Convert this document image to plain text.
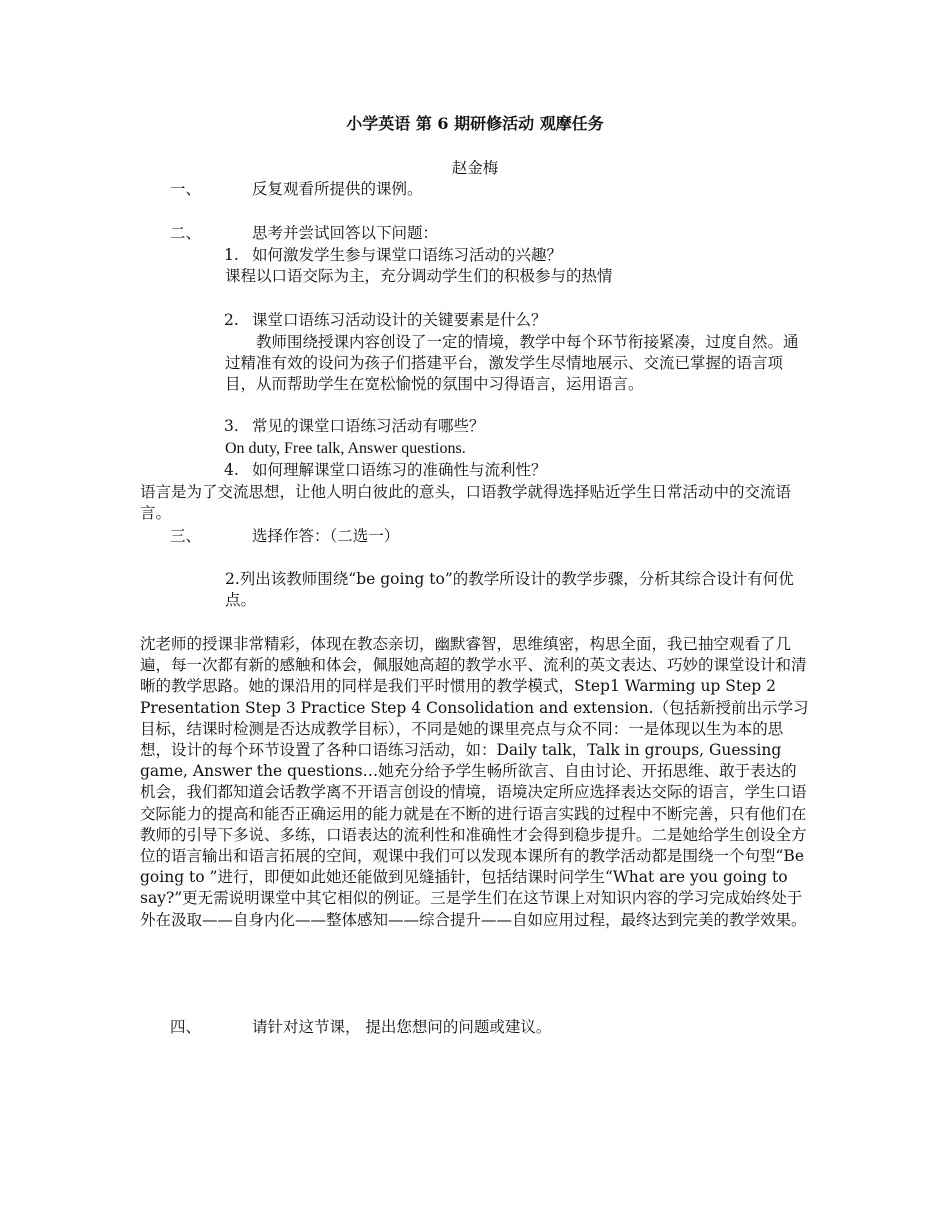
小学英语 第 6 期研修活动 观摩任务
赵金梅
一、	反复观看所提供的课例。
二、	思考并尝试回答以下问题：
1. 如何激发学生参与课堂口语练习活动的兴趣？
课程以口语交际为主，充分调动学生们的积极参与的热情
2. 课堂口语练习活动设计的关键要素是什么？
　　教师围绕授课内容创设了一定的情境，教学中每个环节衔接紧凑，过度自然。通过精准有效的设问为孩子们搭建平台，激发学生尽情地展示、交流已掌握的语言项目，从而帮助学生在宽松愉悦的氛围中习得语言，运用语言。
3. 常见的课堂口语练习活动有哪些？
On duty, Free talk, Answer questions.
4. 如何理解课堂口语练习的准确性与流利性？
语言是为了交流思想，让他人明白彼此的意头，口语教学就得选择贴近学生日常活动中的交流语言。
三、	选择作答：（二选一）
2.列出该教师围绕“be going to”的教学所设计的教学步骤，分析其综合设计有何优点。
沈老师的授课非常精彩，体现在教态亲切，幽默睿智，思维缜密，构思全面，我已抽空观看了几遍，每一次都有新的感触和体会，佩服她高超的教学水平、流利的英文表达、巧妙的课堂设计和清晰的教学思路。她的课沿用的同样是我们平时惯用的教学模式，Step1 Warming up Step 2 Presentation Step 3 Practice Step 4 Consolidation and extension.（包括新授前出示学习目标，结课时检测是否达成教学目标），不同是她的课里亮点与众不同：一是体现以生为本的思想，设计的每个环节设置了各种口语练习活动，如：Daily talk，Talk in groups, Guessing game, Answer the questions…她充分给予学生畅所欲言、自由讨论、开拓思维、敢于表达的机会，我们都知道会话教学离不开语言创设的情境，语境决定所应选择表达交际的语言，学生口语交际能力的提高和能否正确运用的能力就是在不断的进行语言实践的过程中不断完善，只有他们在教师的引导下多说、多练，口语表达的流利性和准确性才会得到稳步提升。二是她给学生创设全方位的语言输出和语言拓展的空间，观课中我们可以发现本课所有的教学活动都是围绕一个句型“Be going to ”进行，即便如此她还能做到见缝插针，包括结课时问学生“What are you going to say?”更无需说明课堂中其它相似的例证。三是学生们在这节课上对知识内容的学习完成始终处于外在汲取——自身内化——整体感知——综合提升——自如应用过程，最终达到完美的教学效果。
四、	请针对这节课， 提出您想问的问题或建议。
